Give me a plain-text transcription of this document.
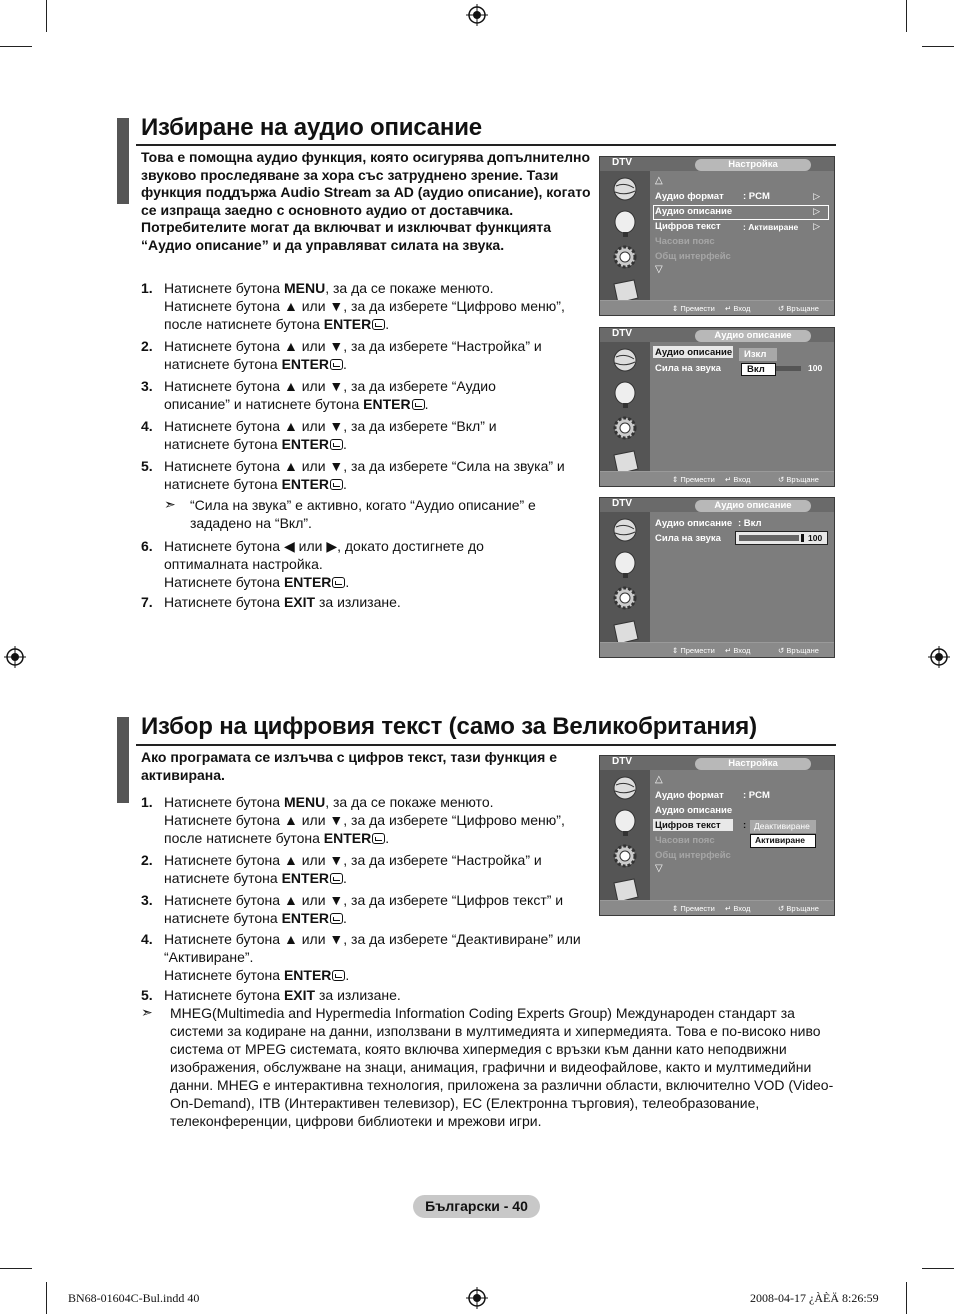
Избиране на аудио описание
Това е помощна аудио функция, която осигурява допълнително звуково проследяване за хора със затруднено зрение. Тази функция поддържа Audio Stream за AD (аудио описание), когато се изпраща заедно с основното аудио от доставчика. Потребителите могат да включват и изключват функцията “Аудио описание” и да управляват силата на звука.
1. Натиснете бутона MENU, за да се покаже менюто.
Натиснете бутона ▲ или ▼, за да изберете “Цифрово меню”, после натиснете бутона ENTER .
2. Натиснете бутона ▲ или ▼, за да изберете “Настройка” и натиснете бутона ENTER .
3. Натиснете бутона ▲ или ▼, за да изберете “Аудио описание” и натиснете бутона ENTER .
4. Натиснете бутона ▲ или ▼, за да изберете “Вкл” и натиснете бутона ENTER .
5. Натиснете бутона ▲ или ▼, за да изберете “Сила на звука” и натиснете бутона ENTER .
➣ “Сила на звука” е активно, когато “Аудио описание” е зададено на “Вкл”.
6. Натиснете бутона ◀ или ▶, докато достигнете до оптималната настройка.
Натиснете бутона ENTER .
7. Натиснете бутона EXIT за излизане.
DTV	Настройка
△
Аудио формат : PCM	▷
Аудио описание	▷
Цифров текст	: Активиране ▷
Часови пояс
Общ интерфейс
▽
⇕ Премести ↵ Вход	↺ Връщане
DTV	Аудио описание
Аудио описание
Сила на звука
Изкл
Вкл	100
⇕ Премести ↵ Вход	↺ Връщане
DTV	Аудио описание
Аудио описание : Вкл
Сила на звука	100
⇕ Премести ↵ Вход	↺ Връщане
Избор на цифровия текст (само за Великобритания)
Ако програмата се излъчва с цифров текст, тази функция е активирана.
1. Натиснете бутона MENU, за да се покаже менюто.
Натиснете бутона ▲ или ▼, за да изберете “Цифрово меню”, после натиснете бутона ENTER .
2. Натиснете бутона ▲ или ▼, за да изберете “Настройка” и натиснете бутона ENTER .
3. Натиснете бутона ▲ или ▼, за да изберете “Цифров текст” и натиснете бутона ENTER .
4. Натиснете бутона ▲ или ▼, за да изберете “Деактивиране” или “Активиране”.
Натиснете бутона ENTER .
5. Натиснете бутона EXIT за излизане.
➣ MHEG(Multimedia and Hypermedia Information Coding Experts Group) Международен стандарт за системи за кодиране на данни, използвани в мултимедията и хипермедията. Това е по-високо ниво система от MPEG системата, която включва хипермедия с връзки към данни като неподвижни изображения, обслужване на знаци, анимация, графични и видеофайлове, както и мултимедийни данни. MHEG е интерактивна технология, приложена за различни области, включително VOD (Video-On-Demand), ITB (Интерактивен телевизор), ЕС (Електронна търговия), телеобразование, телеконференции, цифрови библиотеки и мрежови игри.
DTV	Настройка
△
Аудио формат : PCM
Аудио описание
Цифров текст : Деактивиране
Активиране
Часови пояс
Общ интерфейс
▽
⇕ Премести ↵ Вход	↺ Връщане
Български - 40
BN68-01604C-Bul.indd 40	2008-04-17 ¿ÀÈÄ 8:26:59
